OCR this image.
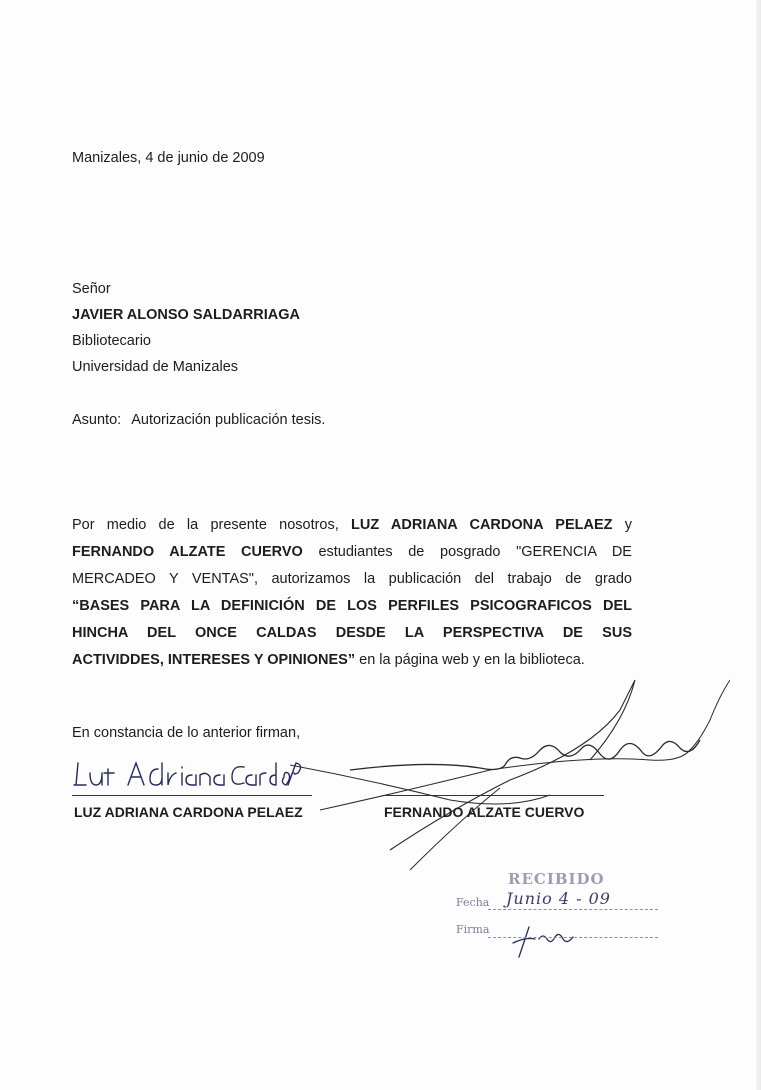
Manizales, 4 de junio de 2009
Señor
JAVIER ALONSO SALDARRIAGA
Bibliotecario
Universidad de Manizales
Asunto: Autorización publicación tesis.
Por medio de la presente nosotros, LUZ ADRIANA CARDONA PELAEZ y
FERNANDO ALZATE CUERVO estudiantes de posgrado "GERENCIA DE
MERCADEO Y VENTAS", autorizamos la publicación del trabajo de grado
“BASES PARA LA DEFINICIÓN DE LOS PERFILES PSICOGRAFICOS DEL
HINCHA DEL ONCE CALDAS DESDE LA PERSPECTIVA DE SUS
ACTIVIDDES, INTERESES Y OPINIONES” en la página web y en la biblioteca.
En constancia de lo anterior firman,
LUZ ADRIANA CARDONA PELAEZ	FERNANDO ALZATE CUERVO
RECIBIDO
Fecha Junio 4 - 09
Firma
